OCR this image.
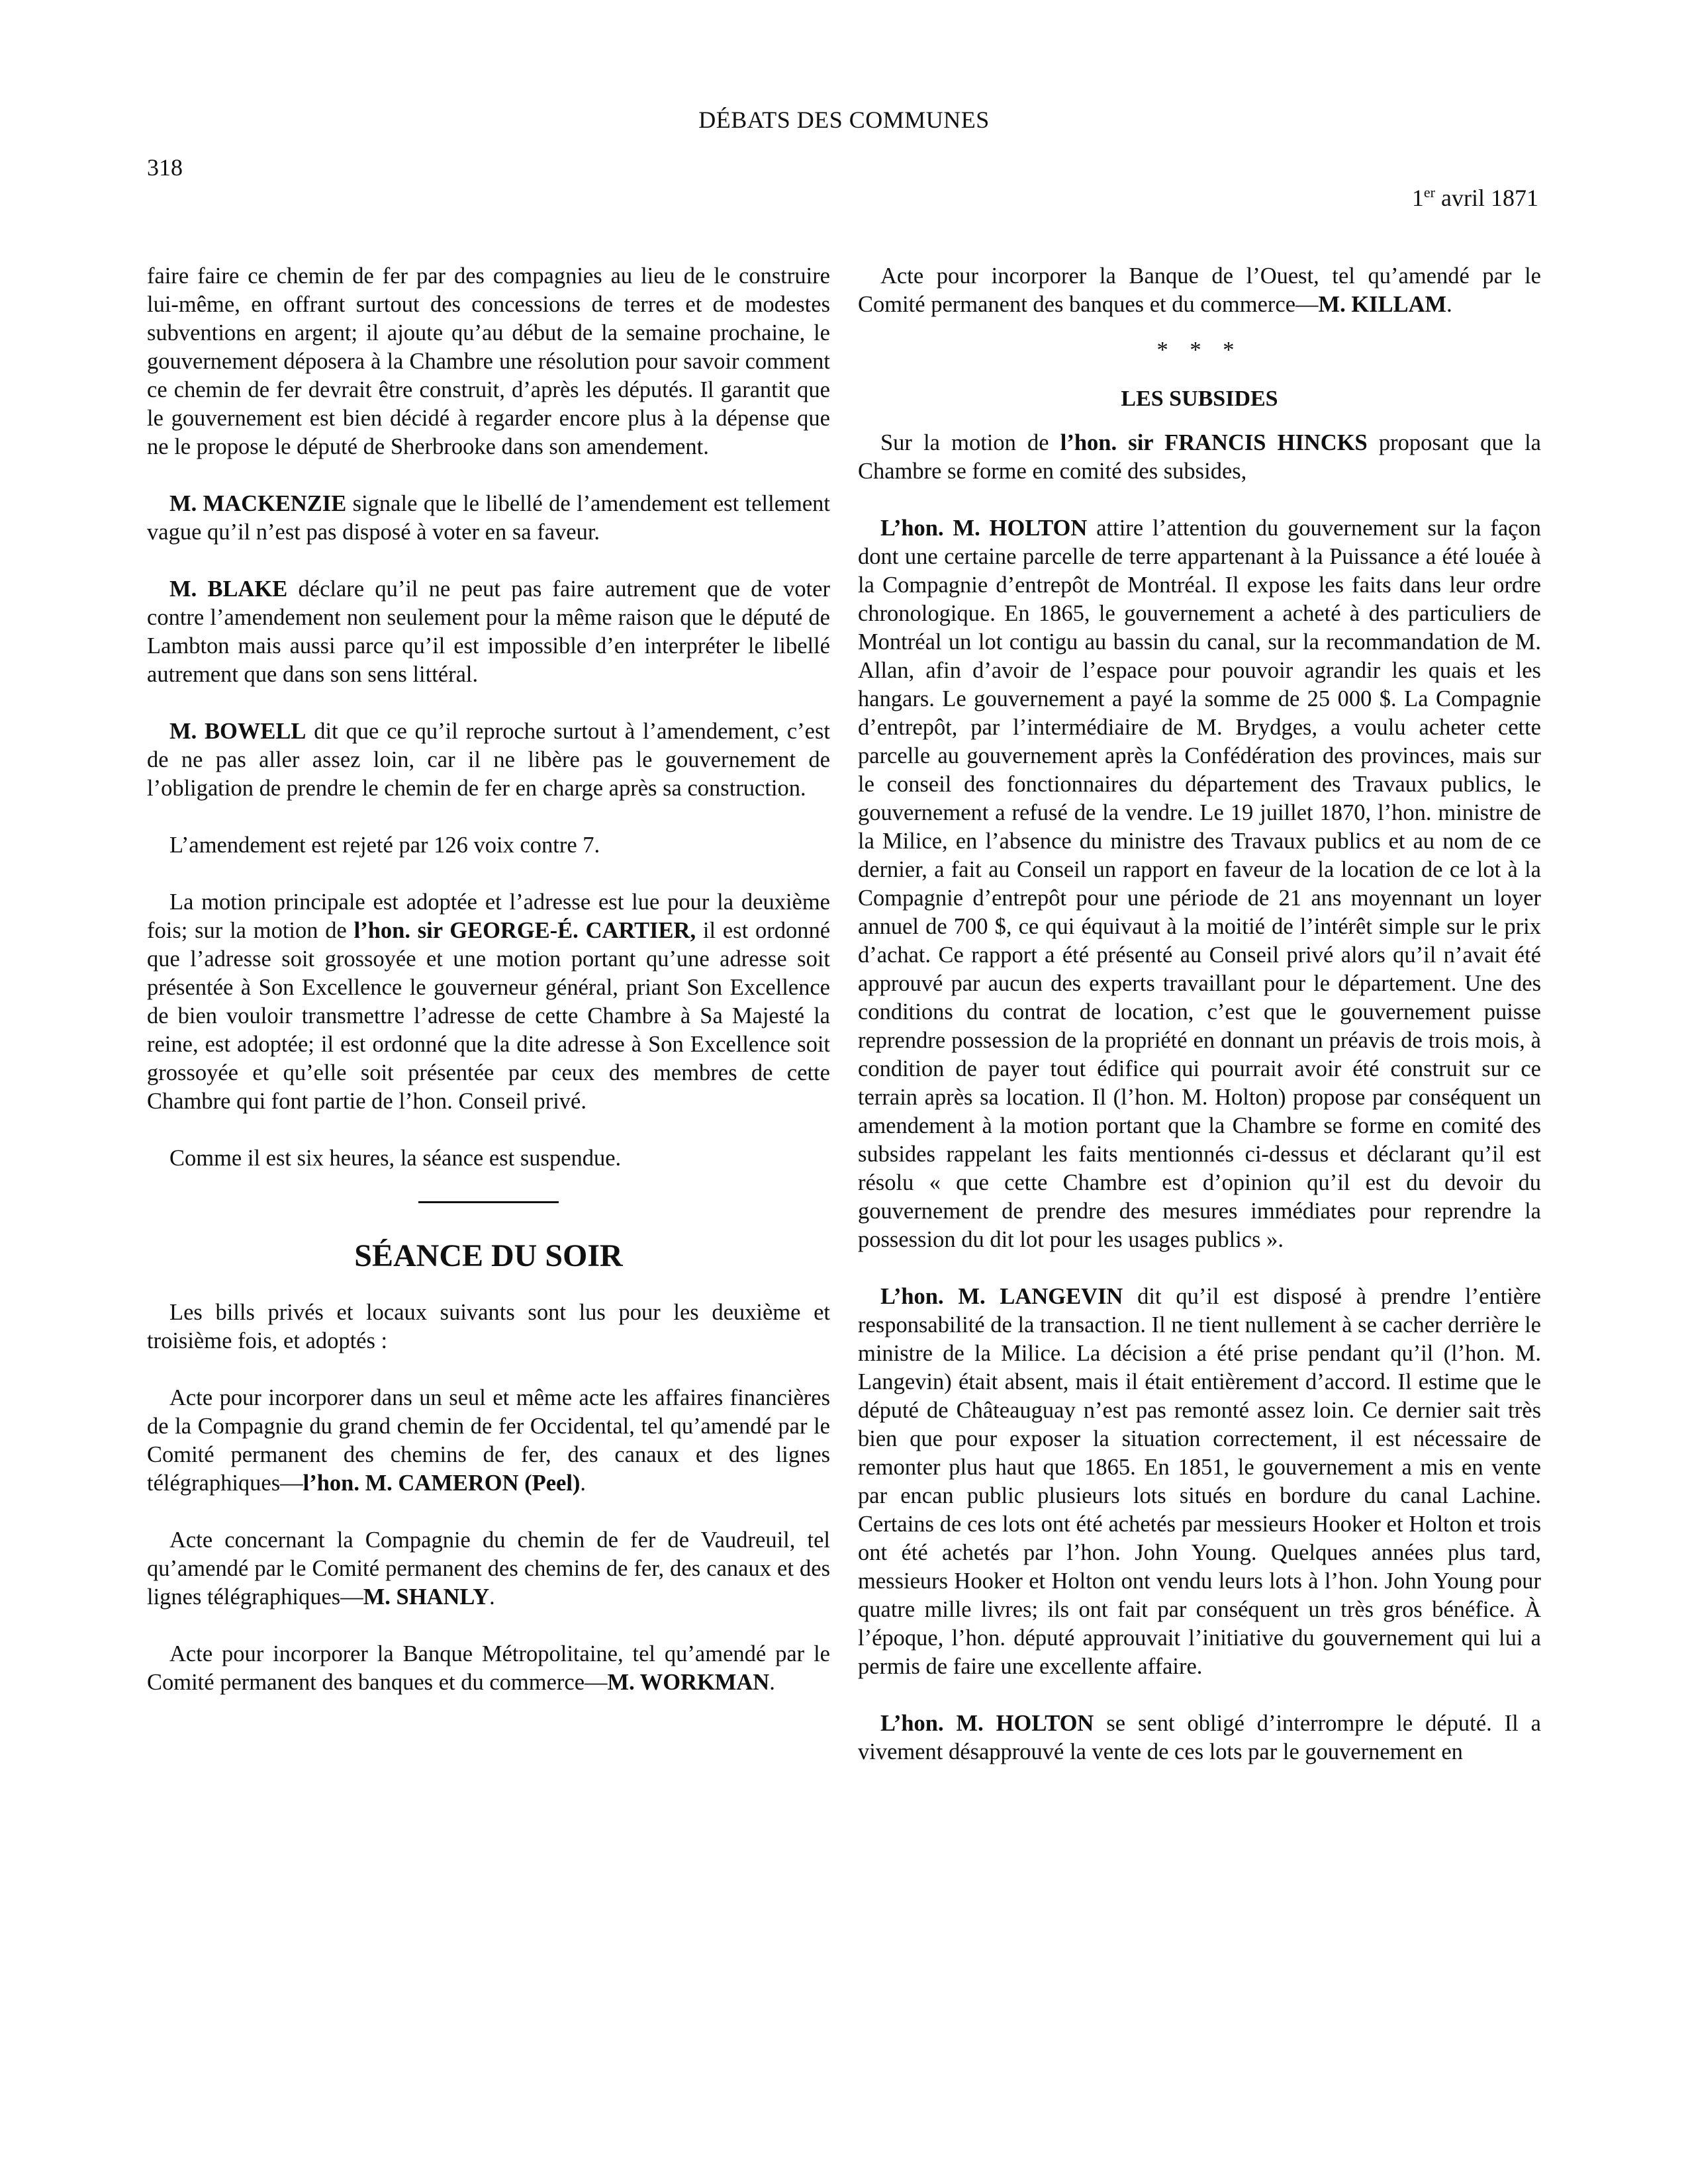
DÉBATS DES COMMUNES
318
1er avril 1871

faire faire ce chemin de fer par des compagnies au lieu de le construire lui-même, en offrant surtout des concessions de terres et de modestes subventions en argent; il ajoute qu’au début de la semaine prochaine, le gouvernement déposera à la Chambre une résolution pour savoir comment ce chemin de fer devrait être construit, d’après les députés. Il garantit que le gouvernement est bien décidé à regarder encore plus à la dépense que ne le propose le député de Sherbrooke dans son amendement.

M. MACKENZIE signale que le libellé de l’amendement est tellement vague qu’il n’est pas disposé à voter en sa faveur.

M. BLAKE déclare qu’il ne peut pas faire autrement que de voter contre l’amendement non seulement pour la même raison que le député de Lambton mais aussi parce qu’il est impossible d’en interpréter le libellé autrement que dans son sens littéral.

M. BOWELL dit que ce qu’il reproche surtout à l’amendement, c’est de ne pas aller assez loin, car il ne libère pas le gouvernement de l’obligation de prendre le chemin de fer en charge après sa construction.

L’amendement est rejeté par 126 voix contre 7.

La motion principale est adoptée et l’adresse est lue pour la deuxième fois; sur la motion de l’hon. sir GEORGE-É. CARTIER, il est ordonné que l’adresse soit grossoyée et une motion portant qu’une adresse soit présentée à Son Excellence le gouverneur général, priant Son Excellence de bien vouloir transmettre l’adresse de cette Chambre à Sa Majesté la reine, est adoptée; il est ordonné que la dite adresse à Son Excellence soit grossoyée et qu’elle soit présentée par ceux des membres de cette Chambre qui font partie de l’hon. Conseil privé.

Comme il est six heures, la séance est suspendue.

SÉANCE DU SOIR

Les bills privés et locaux suivants sont lus pour les deuxième et troisième fois, et adoptés :

Acte pour incorporer dans un seul et même acte les affaires financières de la Compagnie du grand chemin de fer Occidental, tel qu’amendé par le Comité permanent des chemins de fer, des canaux et des lignes télégraphiques—l’hon. M. CAMERON (Peel).

Acte concernant la Compagnie du chemin de fer de Vaudreuil, tel qu’amendé par le Comité permanent des chemins de fer, des canaux et des lignes télégraphiques—M. SHANLY.

Acte pour incorporer la Banque Métropolitaine, tel qu’amendé par le Comité permanent des banques et du commerce—M. WORKMAN.

Acte pour incorporer la Banque de l’Ouest, tel qu’amendé par le Comité permanent des banques et du commerce—M. KILLAM.

* * *
LES SUBSIDES

Sur la motion de l’hon. sir FRANCIS HINCKS proposant que la Chambre se forme en comité des subsides,

L’hon. M. HOLTON attire l’attention du gouvernement sur la façon dont une certaine parcelle de terre appartenant à la Puissance a été louée à la Compagnie d’entrepôt de Montréal. Il expose les faits dans leur ordre chronologique. En 1865, le gouvernement a acheté à des particuliers de Montréal un lot contigu au bassin du canal, sur la recommandation de M. Allan, afin d’avoir de l’espace pour pouvoir agrandir les quais et les hangars. Le gouvernement a payé la somme de 25 000 $. La Compagnie d’entrepôt, par l’intermédiaire de M. Brydges, a voulu acheter cette parcelle au gouvernement après la Confédération des provinces, mais sur le conseil des fonctionnaires du département des Travaux publics, le gouvernement a refusé de la vendre. Le 19 juillet 1870, l’hon. ministre de la Milice, en l’absence du ministre des Travaux publics et au nom de ce dernier, a fait au Conseil un rapport en faveur de la location de ce lot à la Compagnie d’entrepôt pour une période de 21 ans moyennant un loyer annuel de 700 $, ce qui équivaut à la moitié de l’intérêt simple sur le prix d’achat. Ce rapport a été présenté au Conseil privé alors qu’il n’avait été approuvé par aucun des experts travaillant pour le département. Une des conditions du contrat de location, c’est que le gouvernement puisse reprendre possession de la propriété en donnant un préavis de trois mois, à condition de payer tout édifice qui pourrait avoir été construit sur ce terrain après sa location. Il (l’hon. M. Holton) propose par conséquent un amendement à la motion portant que la Chambre se forme en comité des subsides rappelant les faits mentionnés ci-dessus et déclarant qu’il est résolu « que cette Chambre est d’opinion qu’il est du devoir du gouvernement de prendre des mesures immédiates pour reprendre la possession du dit lot pour les usages publics ».

L’hon. M. LANGEVIN dit qu’il est disposé à prendre l’entière responsabilité de la transaction. Il ne tient nullement à se cacher derrière le ministre de la Milice. La décision a été prise pendant qu’il (l’hon. M. Langevin) était absent, mais il était entièrement d’accord. Il estime que le député de Châteauguay n’est pas remonté assez loin. Ce dernier sait très bien que pour exposer la situation correctement, il est nécessaire de remonter plus haut que 1865. En 1851, le gouvernement a mis en vente par encan public plusieurs lots situés en bordure du canal Lachine. Certains de ces lots ont été achetés par messieurs Hooker et Holton et trois ont été achetés par l’hon. John Young. Quelques années plus tard, messieurs Hooker et Holton ont vendu leurs lots à l’hon. John Young pour quatre mille livres; ils ont fait par conséquent un très gros bénéfice. À l’époque, l’hon. député approuvait l’initiative du gouvernement qui lui a permis de faire une excellente affaire.

L’hon. M. HOLTON se sent obligé d’interrompre le député. Il a vivement désapprouvé la vente de ces lots par le gouvernement en
